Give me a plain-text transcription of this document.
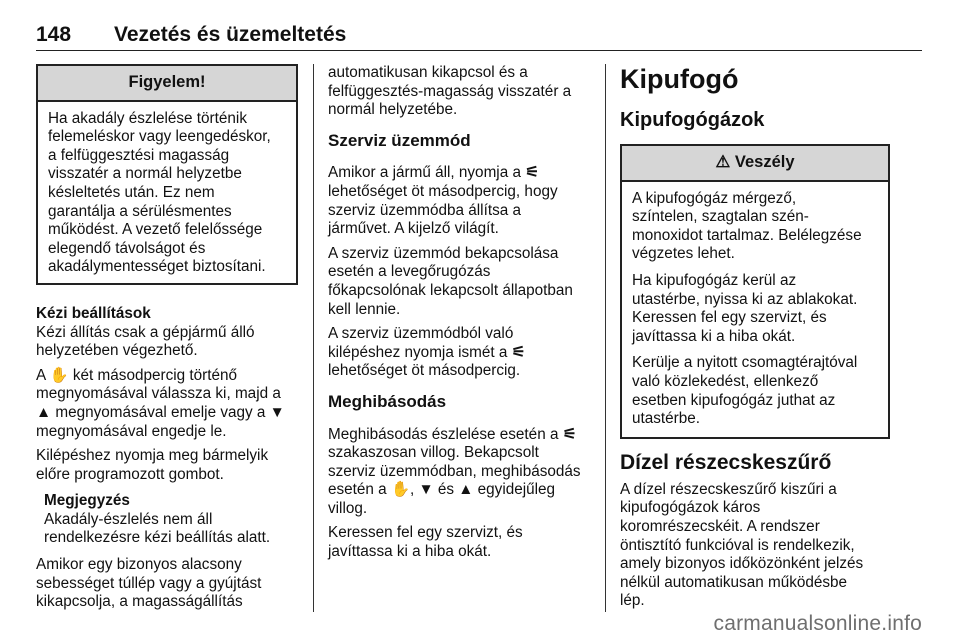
148 Vezetés és üzemeltetés
Figyelem!
Ha akadály észlelése történik
felemeléskor vagy leengedéskor,
a felfüggesztési magasság
visszatér a normál helyzetbe
késleltetés után. Ez nem
garantálja a sérülésmentes
működést. A vezető felelőssége
elegendő távolságot és
akadálymentességet biztosítani.
Kézi beállítások

Kézi állítás csak a gépjármű álló
helyzetében végezhető.

A ✋ két másodpercig történő
megnyomásával válassza ki, majd a
▲ megnyomásával emelje vagy a ▼
megnyomásával engedje le.

Kilépéshez nyomja meg bármelyik
előre programozott gombot.

Megjegyzés
Akadály-észlelés nem áll
rendelkezésre kézi beállítás alatt.

Amikor egy bizonyos alacsony
sebességet túllép vagy a gyújtást
kikapcsolja, a magasságállítás

automatikusan kikapcsol és a
felfüggesztés-magasság visszatér a
normál helyzetébe.

Szerviz üzemmód

Amikor a jármű áll, nyomja a ⚟
lehetőséget öt másodpercig, hogy
szerviz üzemmódba állítsa a
járművet. A kijelző világít.

A szerviz üzemmód bekapcsolása
esetén a levegőrugózás
főkapcsolónak lekapcsolt állapotban
kell lennie.

A szerviz üzemmódból való
kilépéshez nyomja ismét a ⚟
lehetőséget öt másodpercig.

Meghibásodás

Meghibásodás észlelése esetén a ⚟
szakaszosan villog. Bekapcsolt
szerviz üzemmódban, meghibásodás
esetén a ✋, ▼ és ▲ egyidejűleg
villog.

Keressen fel egy szervizt, és
javíttassa ki a hiba okát.

Kipufogó
Kipufogógázok
⚠ Veszély

A kipufogógáz mérgező,
színtelen, szagtalan szén-
monoxidot tartalmaz. Belélegzése
végzetes lehet.

Ha kipufogógáz kerül az
utastérbe, nyissa ki az ablakokat.
Keressen fel egy szervizt, és
javíttassa ki a hiba okát.

Kerülje a nyitott csomagtérajtóval
való közlekedést, ellenkező
esetben kipufogógáz juthat az
utastérbe.

Dízel részecskeszűrő

A dízel részecskeszűrő kiszűri a
kipufogógázok káros
koromrészecskéit. A rendszer
öntisztító funkcióval is rendelkezik,
amely bizonyos időközönként jelzés
nélkül automatikusan működésbe
lép.

carmanualsonline.info
